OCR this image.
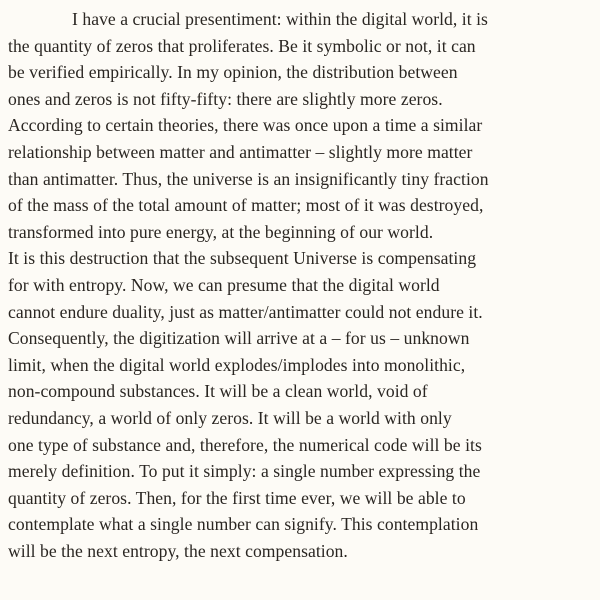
I have a crucial presentiment: within the digital world, it is
the quantity of zeros that proliferates. Be it symbolic or not, it can
be verified empirically. In my opinion, the distribution between
ones and zeros is not fifty-fifty: there are slightly more zeros.
According to certain theories, there was once upon a time a similar
relationship between matter and antimatter – slightly more matter
than antimatter. Thus, the universe is an insignificantly tiny fraction
of the mass of the total amount of matter; most of it was destroyed,
transformed into pure energy, at the beginning of our world.
It is this destruction that the subsequent Universe is compensating
for with entropy. Now, we can presume that the digital world
cannot endure duality, just as matter/antimatter could not endure it.
Consequently, the digitization will arrive at a – for us – unknown
limit, when the digital world explodes/implodes into monolithic,
non-compound substances. It will be a clean world, void of
redundancy, a world of only zeros. It will be a world with only
one type of substance and, therefore, the numerical code will be its
merely definition. To put it simply: a single number expressing the
quantity of zeros. Then, for the first time ever, we will be able to
contemplate what a single number can signify. This contemplation
will be the next entropy, the next compensation.
